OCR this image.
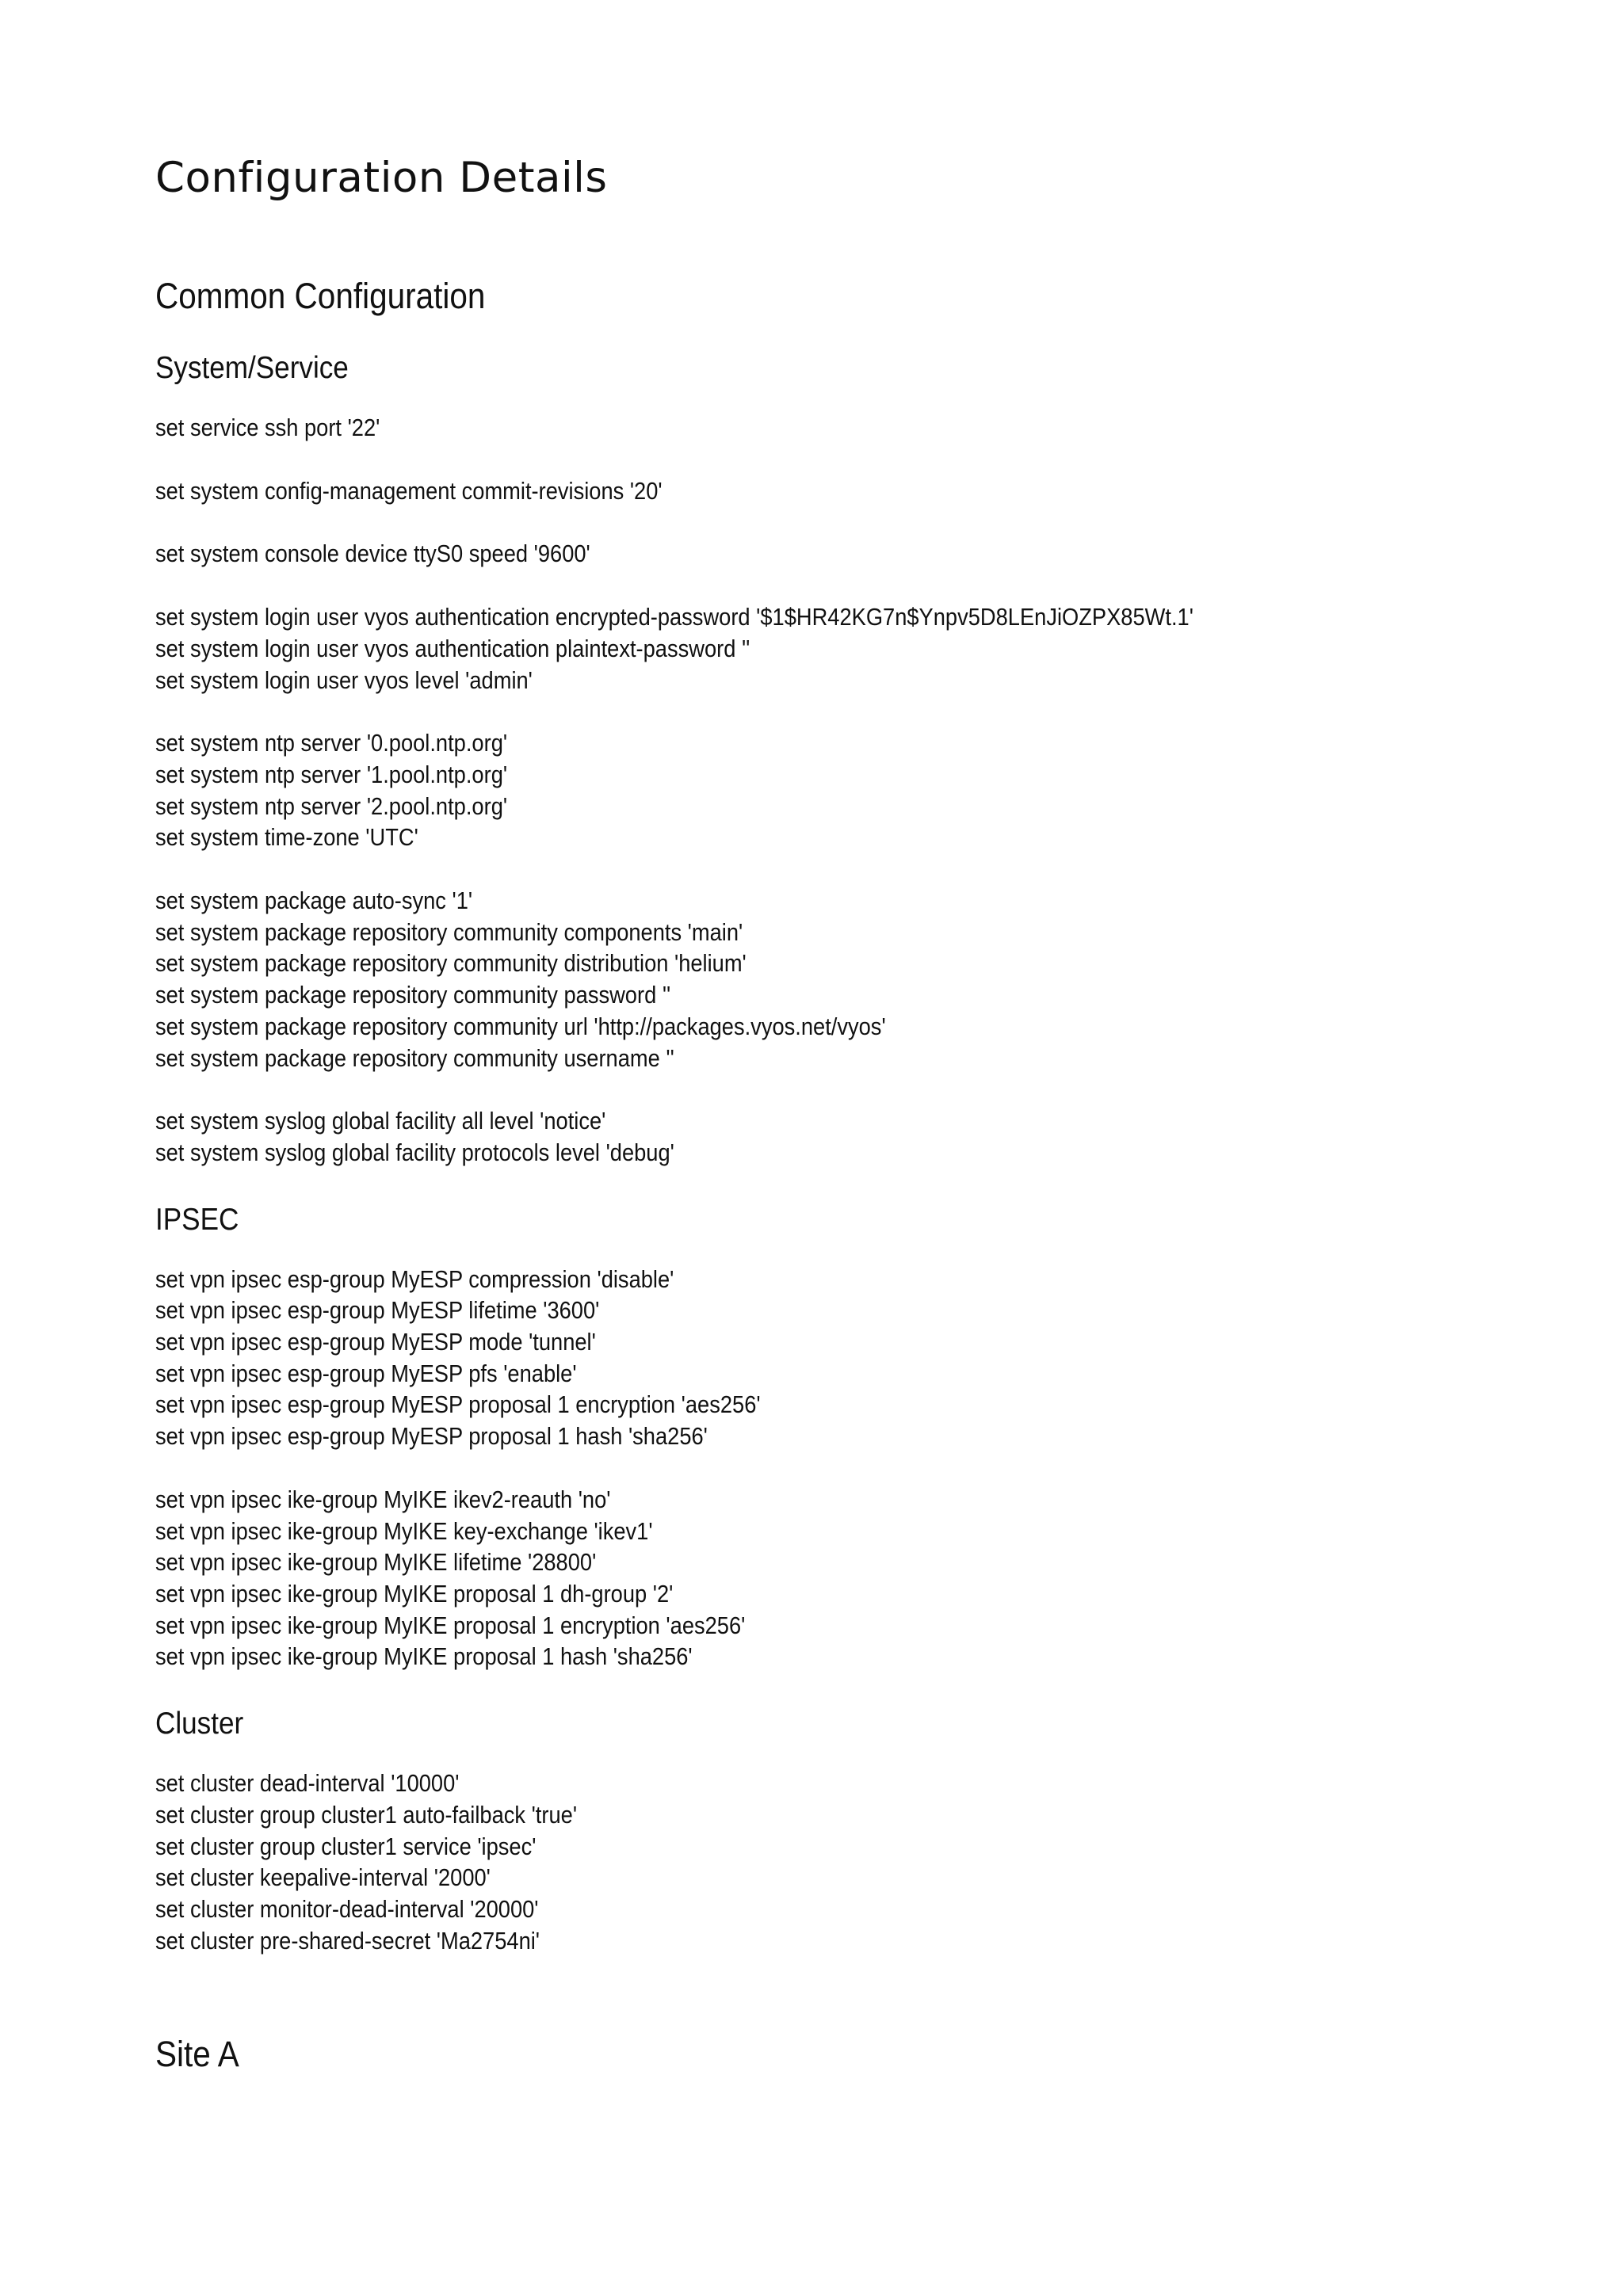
Configuration Details
Common Configuration
System/Service
set service ssh port '22'
set system config-management commit-revisions '20'
set system console device ttyS0 speed '9600'
set system login user vyos authentication encrypted-password '$1$HR42KG7n$Ynpv5D8LEnJiOZPX85Wt.1'
set system login user vyos authentication plaintext-password ''
set system login user vyos level 'admin'
set system ntp server '0.pool.ntp.org'
set system ntp server '1.pool.ntp.org'
set system ntp server '2.pool.ntp.org'
set system time-zone 'UTC'
set system package auto-sync '1'
set system package repository community components 'main'
set system package repository community distribution 'helium'
set system package repository community password ''
set system package repository community url 'http://packages.vyos.net/vyos'
set system package repository community username ''
set system syslog global facility all level 'notice'
set system syslog global facility protocols level 'debug'
IPSEC
set vpn ipsec esp-group MyESP compression 'disable'
set vpn ipsec esp-group MyESP lifetime '3600'
set vpn ipsec esp-group MyESP mode 'tunnel'
set vpn ipsec esp-group MyESP pfs 'enable'
set vpn ipsec esp-group MyESP proposal 1 encryption 'aes256'
set vpn ipsec esp-group MyESP proposal 1 hash 'sha256'
set vpn ipsec ike-group MyIKE ikev2-reauth 'no'
set vpn ipsec ike-group MyIKE key-exchange 'ikev1'
set vpn ipsec ike-group MyIKE lifetime '28800'
set vpn ipsec ike-group MyIKE proposal 1 dh-group '2'
set vpn ipsec ike-group MyIKE proposal 1 encryption 'aes256'
set vpn ipsec ike-group MyIKE proposal 1 hash 'sha256'
Cluster
set cluster dead-interval '10000'
set cluster group cluster1 auto-failback 'true'
set cluster group cluster1 service 'ipsec'
set cluster keepalive-interval '2000'
set cluster monitor-dead-interval '20000'
set cluster pre-shared-secret 'Ma2754ni'
Site A
